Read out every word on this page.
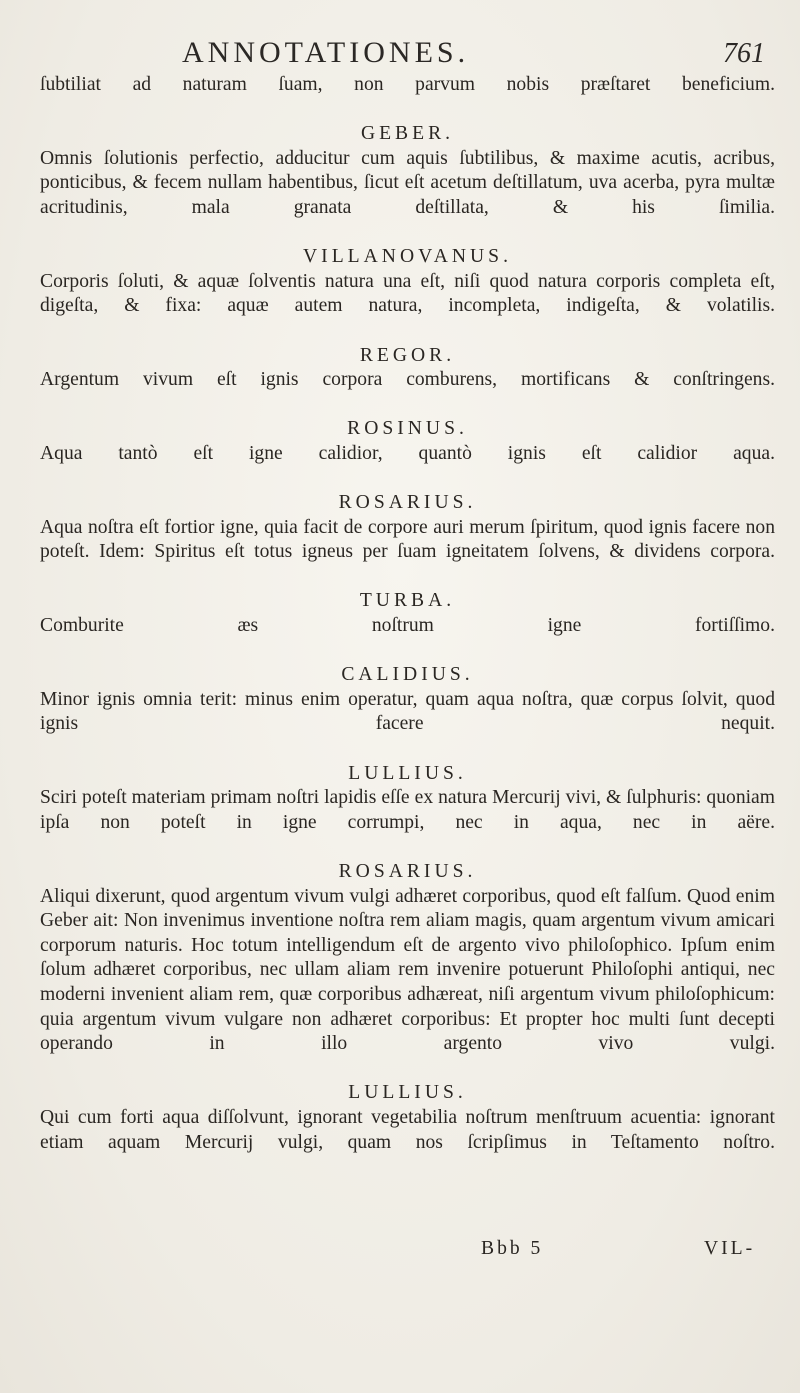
ANNOTATIONES.	761

ſubtiliat ad naturam ſuam, non parvum nobis præſtaret beneficium.

GEBER.

Omnis ſolutionis perfectio, adducitur cum aquis ſubtilibus, & maxime acutis, acribus, ponticibus, & fecem nullam habentibus, ſicut eſt acetum deſtillatum, uva acerba, pyra multæ acritudinis, mala granata deſtillata, & his ſimilia.

VILLANOVANUS.

Corporis ſoluti, & aquæ ſolventis natura una eſt, niſi quod natura corporis completa eſt, digeſta, & fixa: aquæ autem natura, incompleta, indigeſta, & volatilis.

REGOR.

Argentum vivum eſt ignis corpora comburens, mortificans & conſtringens.

ROSINUS.

Aqua tantò eſt igne calidior, quantò ignis eſt calidior aqua.

ROSARIUS.

Aqua noſtra eſt fortior igne, quia facit de corpore auri merum ſpiritum, quod ignis facere non poteſt. Idem: Spiritus eſt totus igneus per ſuam igneitatem ſolvens, & dividens corpora.

TURBA.

Comburite æs noſtrum igne fortiſſimo.

CALIDIUS.

Minor ignis omnia terit: minus enim operatur, quam aqua noſtra, quæ corpus ſolvit, quod ignis facere nequit.

LULLIUS.

Sciri poteſt materiam primam noſtri lapidis eſſe ex natura Mercurij vivi, & ſulphuris: quoniam ipſa non poteſt in igne corrumpi, nec in aqua, nec in aëre.

ROSARIUS.

Aliqui dixerunt, quod argentum vivum vulgi adhæret corporibus, quod eſt falſum. Quod enim Geber ait: Non invenimus inventione noſtra rem aliam magis, quam argentum vivum amicari corporum naturis. Hoc totum intelligendum eſt de argento vivo philoſophico. Ipſum enim ſolum adhæret corporibus, nec ullam aliam rem invenire potuerunt Philoſophi antiqui, nec moderni invenient aliam rem, quæ corporibus adhæreat, niſi argentum vivum philoſophicum: quia argentum vivum vulgare non adhæret corporibus: Et propter hoc multi ſunt decepti operando in illo argento vivo vulgi.

LULLIUS.

Qui cum forti aqua diſſolvunt, ignorant vegetabilia noſtrum menſtruum acuentia: ignorant etiam aquam Mercurij vulgi, quam nos ſcripſimus in Teſtamento noſtro.

Bbb 5	VIL-
